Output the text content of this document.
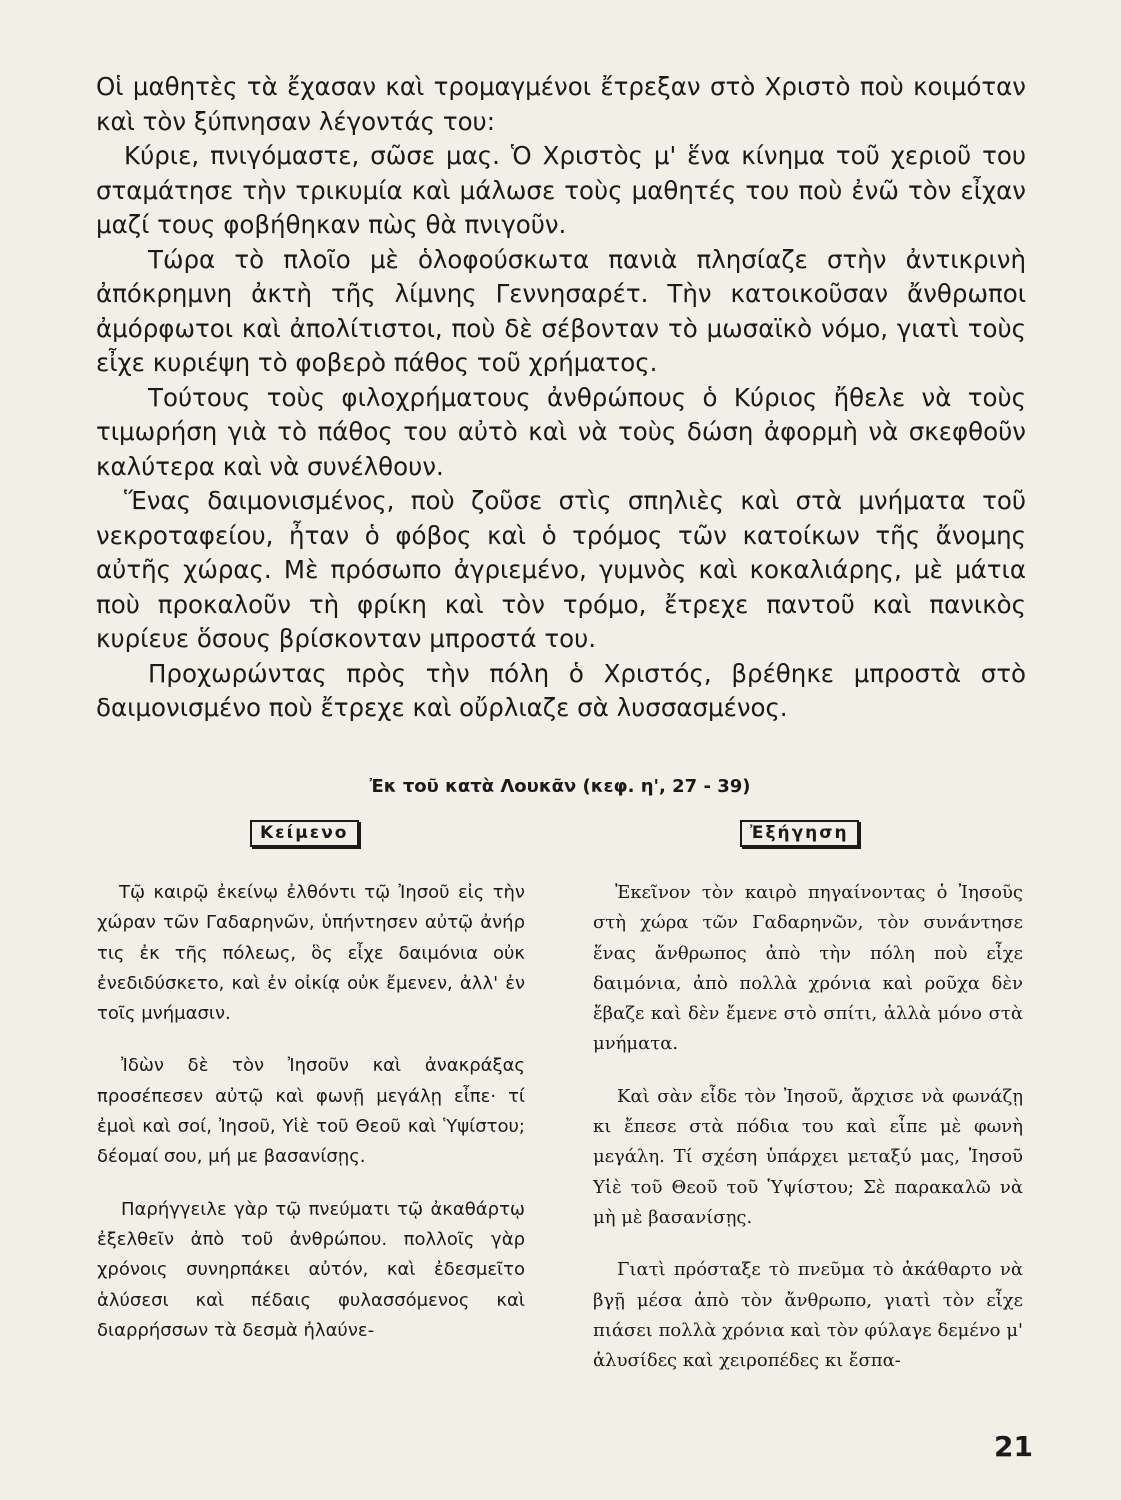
Οἱ μαθητὲς τὰ ἔχασαν καὶ τρομαγμένοι ἔτρεξαν στὸ Χριστὸ ποὺ κοιμόταν καὶ τὸν ξύπνησαν λέγοντάς του:

Κύριε, πνιγόμαστε, σῶσε μας. Ὁ Χριστὸς μ' ἕνα κίνημα τοῦ χεριοῦ του σταμάτησε τὴν τρικυμία καὶ μάλωσε τοὺς μαθητές του ποὺ ἐνῶ τὸν εἶχαν μαζί τους φοβήθηκαν πὼς θὰ πνιγοῦν.

Τώρα τὸ πλοῖο μὲ ὁλοφούσκωτα πανιὰ πλησίαζε στὴν ἀντικρινὴ ἀπόκρημνη ἀκτὴ τῆς λίμνης Γεννησαρέτ. Τὴν κατοικοῦσαν ἄνθρωποι ἀμόρφωτοι καὶ ἀπολίτιστοι, ποὺ δὲ σέβονταν τὸ μωσαϊκὸ νόμο, γιατὶ τοὺς εἶχε κυριέψη τὸ φοβερὸ πάθος τοῦ χρήματος.

Τούτους τοὺς φιλοχρήματους ἀνθρώπους ὁ Κύριος ἤθελε νὰ τοὺς τιμωρήση γιὰ τὸ πάθος του αὐτὸ καὶ νὰ τοὺς δώση ἀφορμὴ νὰ σκεφθοῦν καλύτερα καὶ νὰ συνέλθουν.

Ἕνας δαιμονισμένος, ποὺ ζοῦσε στὶς σπηλιὲς καὶ στὰ μνήματα τοῦ νεκροταφείου, ἦταν ὁ φόβος καὶ ὁ τρόμος τῶν κατοίκων τῆς ἄνομης αὐτῆς χώρας. Μὲ πρόσωπο ἀγριεμένο, γυμνὸς καὶ κοκαλιάρης, μὲ μάτια ποὺ προκαλοῦν τὴ φρίκη καὶ τὸν τρόμο, ἔτρεχε παντοῦ καὶ πανικὸς κυρίευε ὅσους βρίσκονταν μπροστά του.

Προχωρώντας πρὸς τὴν πόλη ὁ Χριστός, βρέθηκε μπροστὰ στὸ δαιμονισμένο ποὺ ἔτρεχε καὶ οὔρλιαζε σὰ λυσσασμένος.

Ἐκ τοῦ κατὰ Λουκᾶν (κεφ. η', 27 - 39)
Κείμενο	Ἐξήγηση

Τῷ καιρῷ ἐκείνῳ ἐλθόντι τῷ Ἰησοῦ εἰς τὴν χώραν τῶν Γαδαρηνῶν, ὑπήντησεν αὐτῷ ἀνήρ τις ἐκ τῆς πόλεως, ὃς εἶχε δαιμόνια οὐκ ἐνεδιδύσκετο, καὶ ἐν οἰκίᾳ οὐκ ἔμενεν, ἀλλ' ἐν τοῖς μνήμασιν.

Ἰδὼν δὲ τὸν Ἰησοῦν καὶ ἀνακράξας προσέπεσεν αὐτῷ καὶ φωνῇ μεγάλῃ εἶπε· τί ἐμοὶ καὶ σοί, Ἰησοῦ, Υἱὲ τοῦ Θεοῦ καὶ Ὑψίστου; δέομαί σου, μή με βασανίσῃς.

Παρήγγειλε γὰρ τῷ πνεύματι τῷ ἀκαθάρτῳ ἐξελθεῖν ἀπὸ τοῦ ἀνθρώπου. πολλοῖς γὰρ χρόνοις συνηρπάκει αὐτόν, καὶ ἐδεσμεῖτο ἁλύσεσι καὶ πέδαις φυλασσόμενος καὶ διαρρήσσων τὰ δεσμὰ ἠλαύνε-

Ἐκεῖνον τὸν καιρὸ πηγαίνοντας ὁ Ἰησοῦς στὴ χώρα τῶν Γαδαρηνῶν, τὸν συνάντησε ἕνας ἄνθρωπος ἀπὸ τὴν πόλη ποὺ εἶχε δαιμόνια, ἀπὸ πολλὰ χρόνια καὶ ροῦχα δὲν ἔβαζε καὶ δὲν ἔμενε στὸ σπίτι, ἀλλὰ μόνο στὰ μνήματα.

Καὶ σὰν εἶδε τὸν Ἰησοῦ, ἄρχισε νὰ φωνάζῃ κι ἔπεσε στὰ πόδια του καὶ εἶπε μὲ φωνὴ μεγάλη. Τί σχέση ὑπάρχει μεταξύ μας, Ἰησοῦ Υἱὲ τοῦ Θεοῦ τοῦ Ὑψίστου; Σὲ παρακαλῶ νὰ μὴ μὲ βασανίσῃς.

Γιατὶ πρόσταξε τὸ πνεῦμα τὸ ἀκάθαρτο νὰ βγῇ μέσα ἀπὸ τὸν ἄνθρωπο, γιατὶ τὸν εἶχε πιάσει πολλὰ χρόνια καὶ τὸν φύλαγε δεμένο μ' ἁλυσίδες καὶ χειροπέδες κι ἔσπα-

21
